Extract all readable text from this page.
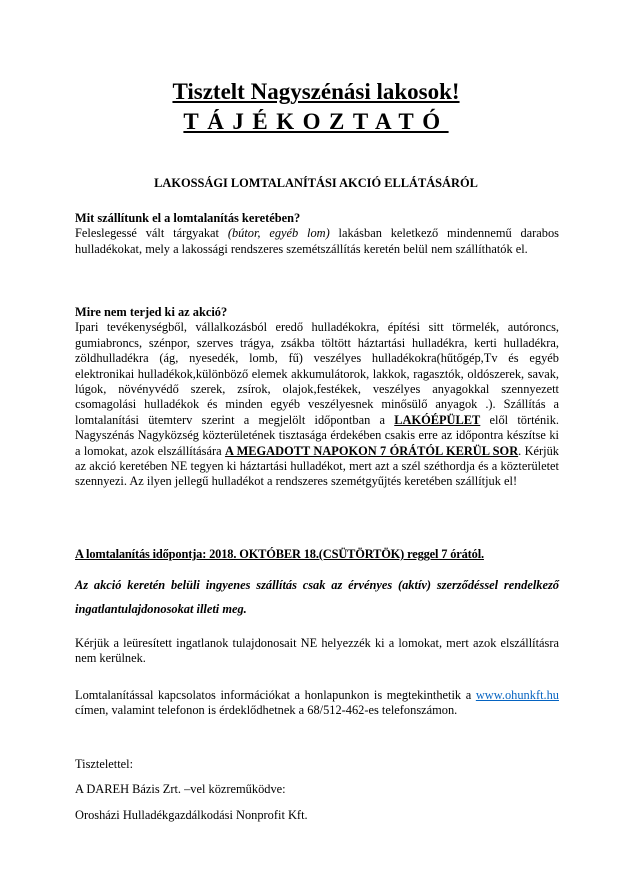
Tisztelt Nagyszénási lakosok!
TÁJÉKOZTATÓ
LAKOSSÁGI LOMTALANÍTÁSI AKCIÓ ELLÁTÁSÁRÓL

Mit szállítunk el a lomtalanítás keretében?

Feleslegessé vált tárgyakat (bútor, egyéb lom) lakásban keletkező mindennemű darabos hulladékokat, mely a lakossági rendszeres szemétszállítás keretén belül nem szállíthatók el.

Mire nem terjed ki az akció?

Ipari tevékenységből, vállalkozásból eredő hulladékokra, építési sitt törmelék, autóroncs, gumiabroncs, szénpor, szerves trágya, zsákba töltött háztartási hulladékra, kerti hulladékra, zöldhulladékra (ág, nyesedék, lomb, fű) veszélyes hulladékokra(hűtőgép,Tv és egyéb elektronikai hulladékok,különböző elemek akkumulátorok, lakkok, ragasztók, oldószerek, savak, lúgok, növényvédő szerek, zsírok, olajok,festékek, veszélyes anyagokkal szennyezett csomagolási hulladékok és minden egyéb veszélyesnek minősülő anyagok .). Szállítás a lomtalanítási ütemterv szerint a megjelölt időpontban a LAKÓÉPÜLET elől történik. Nagyszénás Nagyközség közterületének tisztasága érdekében csakis erre az időpontra készítse ki a lomokat, azok elszállítására A MEGADOTT NAPOKON 7 ÓRÁTÓL KERÜL SOR. Kérjük az akció keretében NE tegyen ki háztartási hulladékot, mert azt a szél széthordja és a közterületet szennyezi. Az ilyen jellegű hulladékot a rendszeres szemétgyűjtés keretében szállítjuk el!

A lomtalanítás időpontja: 2018. OKTÓBER 18.(CSÜTÖRTÖK) reggel 7 órától.
Az akció keretén belüli ingyenes szállítás csak az érvényes (aktív) szerződéssel rendelkező ingatlantulajdonosokat illeti meg.
Kérjük a leüresített ingatlanok tulajdonosait NE helyezzék ki a lomokat, mert azok elszállításra nem kerülnek.
Lomtalanítással kapcsolatos információkat a honlapunkon is megtekinthetik a www.ohunkft.hu címen, valamint telefonon is érdeklődhetnek a 68/512-462-es telefonszámon.
Tisztelettel:
A DAREH Bázis Zrt. –vel közreműködve:
Orosházi Hulladékgazdálkodási Nonprofit Kft.
